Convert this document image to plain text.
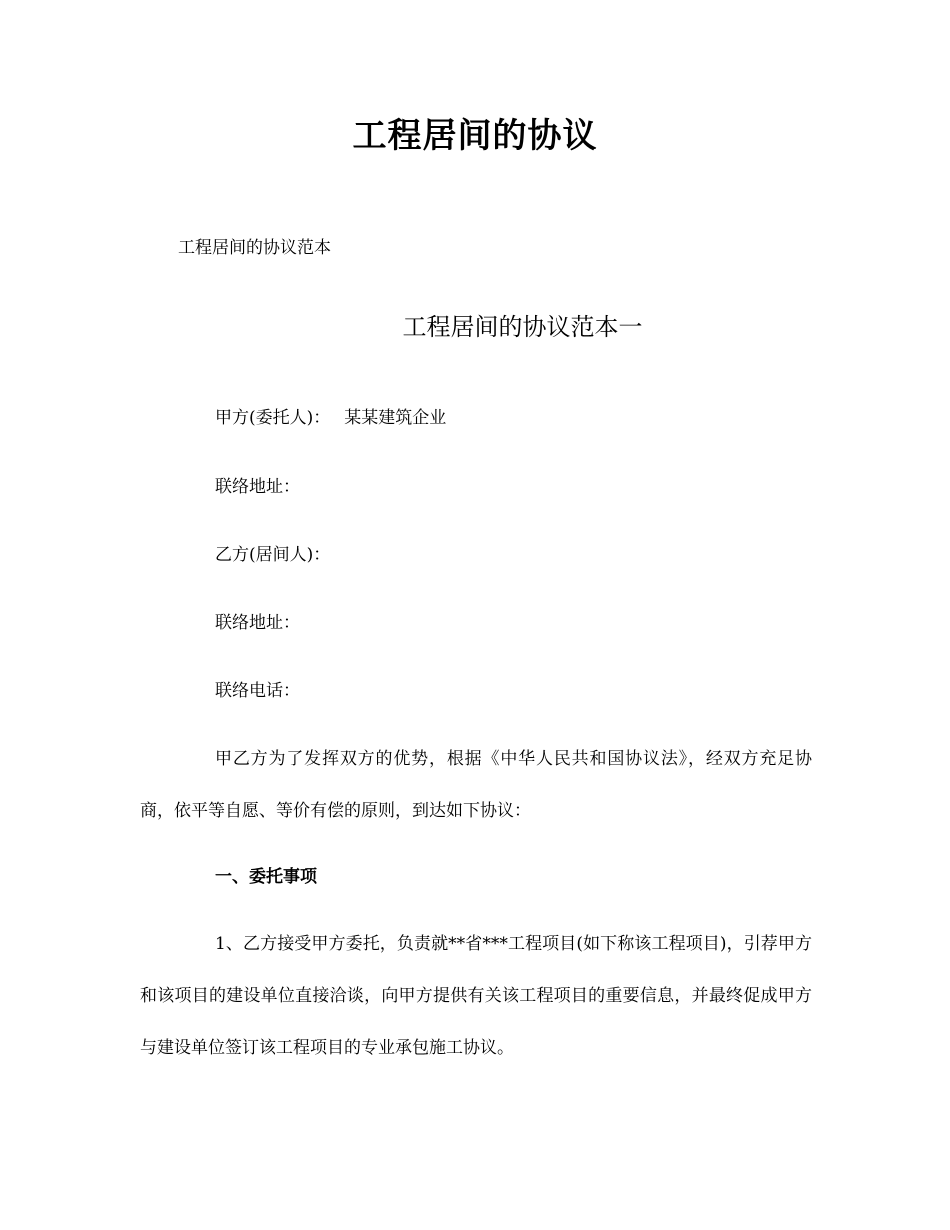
工程居间的协议
工程居间的协议范本
工程居间的协议范本一
甲方(委托人)： 某某建筑企业
联络地址：
乙方(居间人)：
联络地址：
联络电话：
甲乙方为了发挥双方的优势，根据《中华人民共和国协议法》，经双方充足协商，依平等自愿、等价有偿的原则，到达如下协议：
一、委托事项
1、乙方接受甲方委托，负责就**省***工程项目(如下称该工程项目)，引荐甲方和该项目的建设单位直接洽谈，向甲方提供有关该工程项目的重要信息，并最终促成甲方与建设单位签订该工程项目的专业承包施工协议。
